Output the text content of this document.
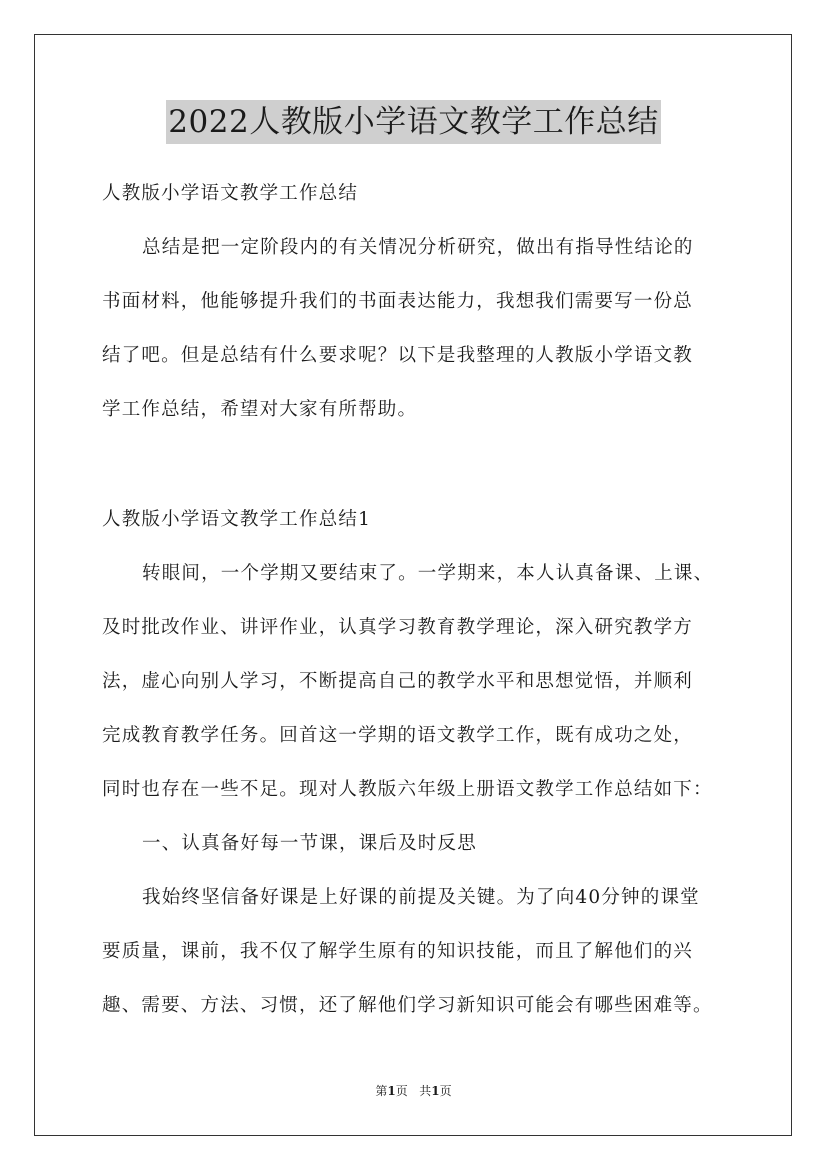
2022人教版小学语文教学工作总结
人教版小学语文教学工作总结
总结是把一定阶段内的有关情况分析研究，做出有指导性结论的
书面材料，他能够提升我们的书面表达能力，我想我们需要写一份总
结了吧。但是总结有什么要求呢？以下是我整理的人教版小学语文教
学工作总结，希望对大家有所帮助。
人教版小学语文教学工作总结1
转眼间，一个学期又要结束了。一学期来，本人认真备课、上课、
及时批改作业、讲评作业，认真学习教育教学理论，深入研究教学方
法，虚心向别人学习，不断提高自己的教学水平和思想觉悟，并顺利
完成教育教学任务。回首这一学期的语文教学工作，既有成功之处，
同时也存在一些不足。现对人教版六年级上册语文教学工作总结如下：
一、认真备好每一节课，课后及时反思
我始终坚信备好课是上好课的前提及关键。为了向40分钟的课堂
要质量，课前，我不仅了解学生原有的知识技能，而且了解他们的兴
趣、需要、方法、习惯，还了解他们学习新知识可能会有哪些困难等。
第1页 共1页
